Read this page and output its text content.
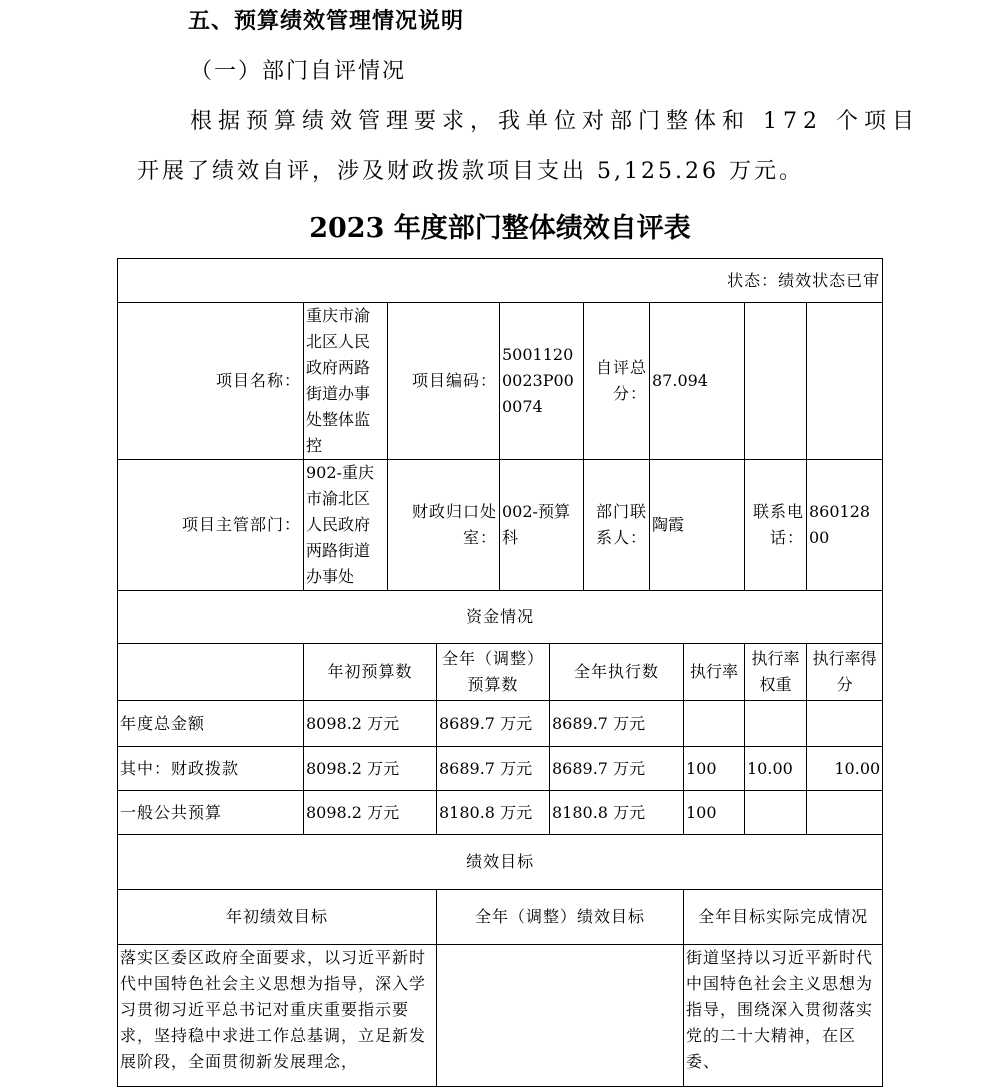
五、预算绩效管理情况说明
（一）部门自评情况
根据预算绩效管理要求，我单位对部门整体和 172 个项目
开展了绩效自评，涉及财政拨款项目支出 5,125.26 万元。
2023 年度部门整体绩效自评表
状态：绩效状态已审										
项目名称：	重庆市渝北区人民政府两路街道办事处整体监控	项目编码：		50011200023P000074		自评总分：	87.094			
项目主管部门：	902-重庆市渝北区人民政府两路街道办事处	财政归口处室：		002-预算科		部门联系人：	陶霞		联系电话：	86012800
资金情况										
	年初预算数		全年（调整）预算数		全年执行数			执行率	执行率权重	执行率得分
年度总金额	8098.2 万元		8689.7 万元		8689.7 万元					
其中：财政拨款	8098.2 万元		8689.7 万元		8689.7 万元			100	10.00	10.00
一般公共预算	8098.2 万元		8180.8 万元		8180.8 万元			100		
绩效目标										
年初绩效目标			全年（调整）绩效目标					全年目标实际完成情况		
落实区委区政府全面要求，以习近平新时代中国特色社会主义思想为指导，深入学习贯彻习近平总书记对重庆重要指示要求，坚持稳中求进工作总基调，立足新发展阶段，全面贯彻新发展理念，								街道坚持以习近平新时代中国特色社会主义思想为指导，围绕深入贯彻落实党的二十大精神，在区委、		
